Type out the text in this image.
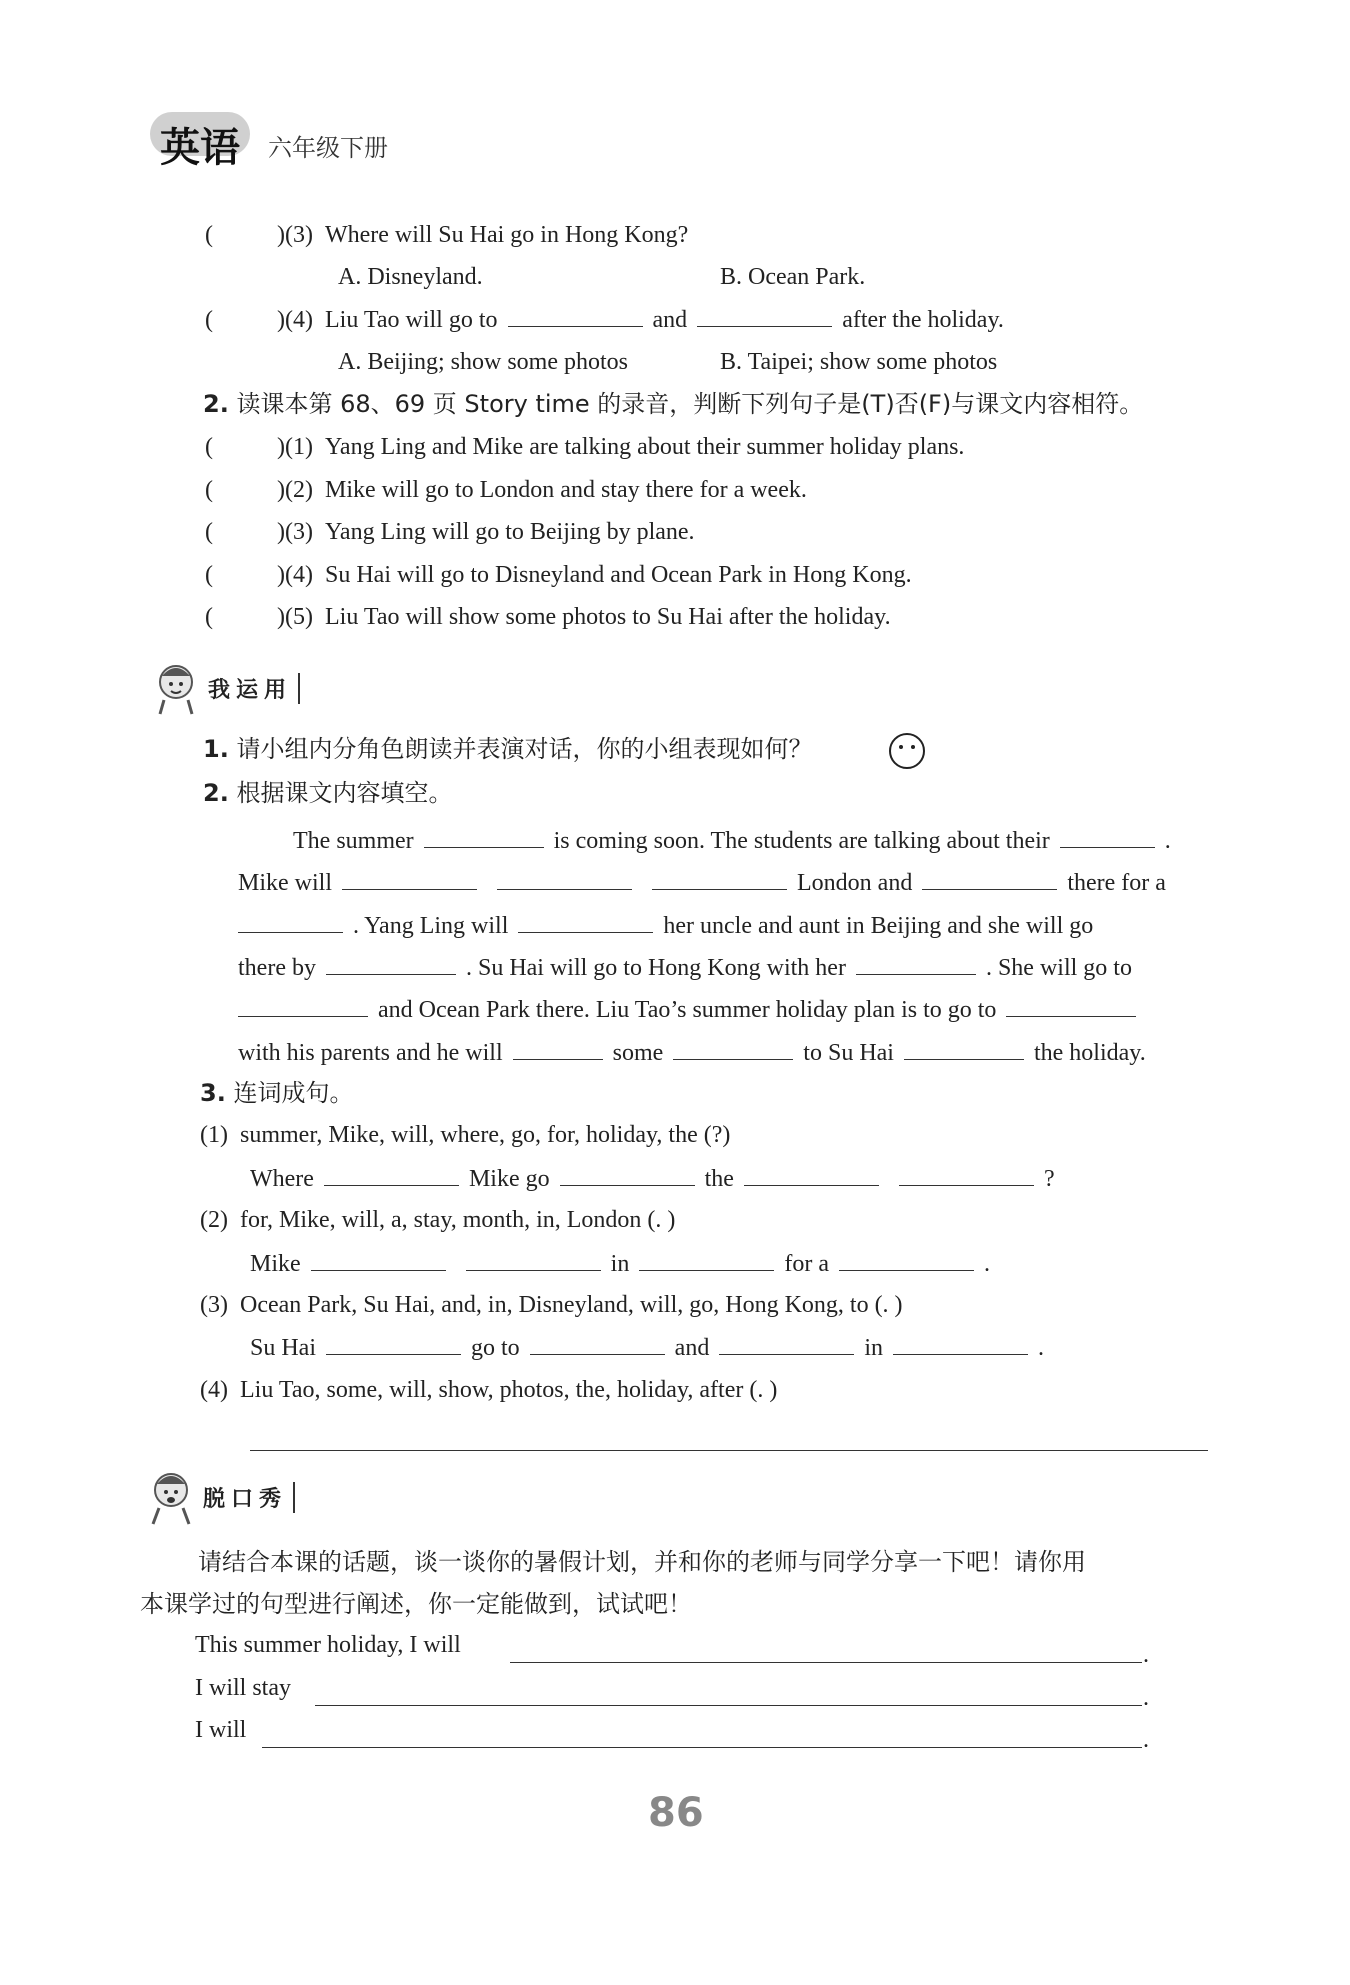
英语 六年级下册
(	)(3) Where will Su Hai go in Hong Kong?
A. Disneyland.	B. Ocean Park.
(	)(4) Liu Tao will go to	and	after the holiday.
A. Beijing; show some photos	B. Taipei; show some photos
2. 读课本第 68、69 页 Story time 的录音，判断下列句子是(T)否(F)与课文内容相符。
(	)(1) Yang Ling and Mike are talking about their summer holiday plans.
(	)(2) Mike will go to London and stay there for a week.
(	)(3) Yang Ling will go to Beijing by plane.
(	)(4) Su Hai will go to Disneyland and Ocean Park in Hong Kong.
(	)(5) Liu Tao will show some photos to Su Hai after the holiday.
我运用
1. 请小组内分角色朗读并表演对话，你的小组表现如何？
2. 根据课文内容填空。
The summer	is coming soon. The students are talking about their	.
Mike will	London and	there for a
. Yang Ling will	her uncle and aunt in Beijing and she will go
there by	. Su Hai will go to Hong Kong with her	. She will go to
and Ocean Park there. Liu Tao’s summer holiday plan is to go to
with his parents and he will	some	to Su Hai	the holiday.
3. 连词成句。
(1) summer, Mike, will, where, go, for, holiday, the (?)
Where	Mike go	the	?
(2) for, Mike, will, a, stay, month, in, London (. )
Mike	in	for a	.
(3) Ocean Park, Su Hai, and, in, Disneyland, will, go, Hong Kong, to (. )
Su Hai	go to	and	in	.
(4) Liu Tao, some, will, show, photos, the, holiday, after (. )
脱口秀
请结合本课的话题，谈一谈你的暑假计划，并和你的老师与同学分享一下吧！请你用
本课学过的句型进行阐述，你一定能做到，试试吧！
This summer holiday, I will	.
I will stay	.
I will	.
86
